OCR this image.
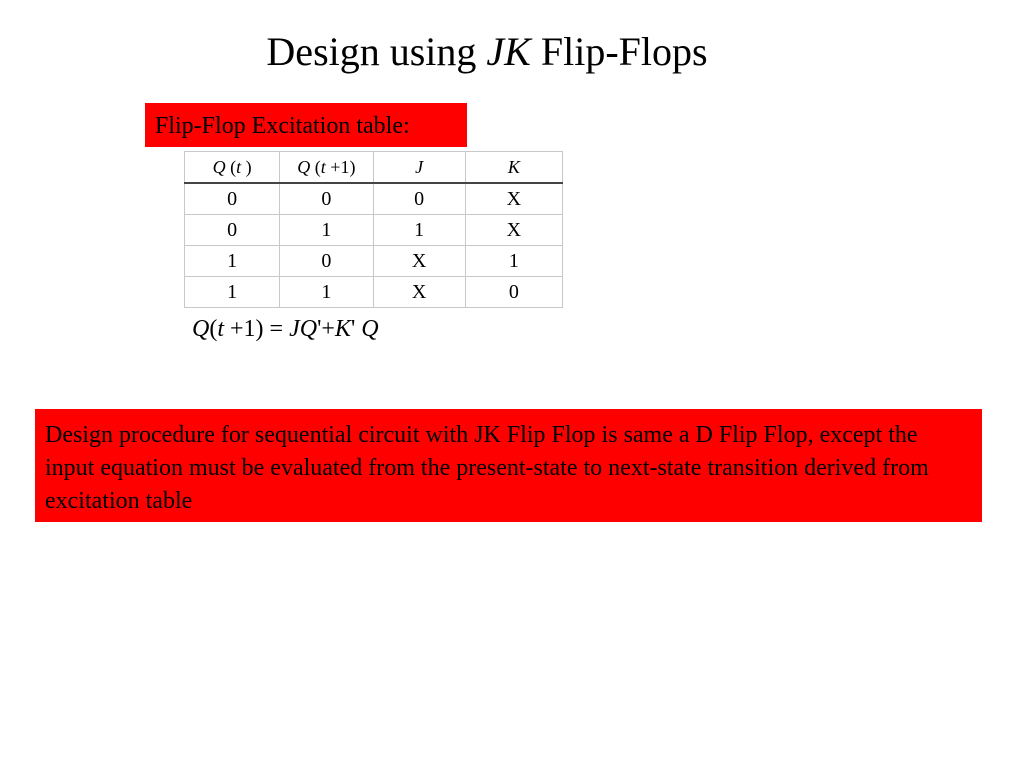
Design using JK Flip-Flops
Flip-Flop Excitation table:
Q (t )	Q (t +1)	J	K
0	0	0	X
0	1	1	X
1	0	X	1
1	1	X	0
Q(t +1) = JQ'+K' Q
Design procedure for sequential circuit with JK Flip Flop is same a D Flip Flop, except the input equation must be evaluated from the present-state to next-state transition derived from excitation table
